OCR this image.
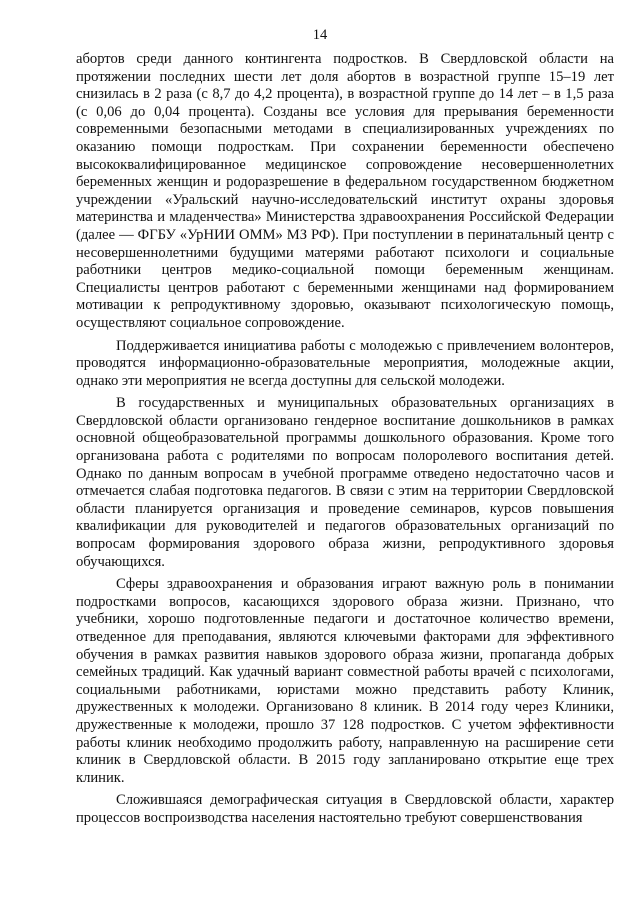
14

абортов среди данного контингента подростков. В Свердловской области на протяжении последних шести лет доля абортов в возрастной группе 15–19 лет снизилась в 2 раза (с 8,7 до 4,2 процента), в возрастной группе до 14 лет – в 1,5 раза (с 0,06 до 0,04 процента). Созданы все условия для прерывания беременности современными безопасными методами в специализированных учреждениях по оказанию помощи подросткам. При сохранении беременности обеспечено высококвалифицированное медицинское сопровождение несовершеннолетних беременных женщин и родоразрешение в федеральном государственном бюджетном учреждении «Уральский научно-исследовательский институт охраны здоровья материнства и младенчества» Министерства здравоохранения Российской Федерации (далее — ФГБУ «УрНИИ ОММ» МЗ РФ). При поступлении в перинатальный центр с несовершеннолетними будущими матерями работают психологи и социальные работники центров медико-социальной помощи беременным женщинам. Специалисты центров работают с беременными женщинами над формированием мотивации к репродуктивному здоровью, оказывают психологическую помощь, осуществляют социальное сопровождение.

Поддерживается инициатива работы с молодежью с привлечением волонтеров, проводятся информационно-образовательные мероприятия, молодежные акции, однако эти мероприятия не всегда доступны для сельской молодежи.

В государственных и муниципальных образовательных организациях в Свердловской области организовано гендерное воспитание дошкольников в рамках основной общеобразовательной программы дошкольного образования. Кроме того организована работа с родителями по вопросам полоролевого воспитания детей. Однако по данным вопросам в учебной программе отведено недостаточно часов и отмечается слабая подготовка педагогов. В связи с этим на территории Свердловской области планируется организация и проведение семинаров, курсов повышения квалификации для руководителей и педагогов образовательных организаций по вопросам формирования здорового образа жизни, репродуктивного здоровья обучающихся.

Сферы здравоохранения и образования играют важную роль в понимании подростками вопросов, касающихся здорового образа жизни. Признано, что учебники, хорошо подготовленные педагоги и достаточное количество времени, отведенное для преподавания, являются ключевыми факторами для эффективного обучения в рамках развития навыков здорового образа жизни, пропаганда добрых семейных традиций. Как удачный вариант совместной работы врачей с психологами, социальными работниками, юристами можно представить работу Клиник, дружественных к молодежи. Организовано 8 клиник. В 2014 году через Клиники, дружественные к молодежи, прошло 37 128 подростков. С учетом эффективности работы клиник необходимо продолжить работу, направленную на расширение сети клиник в Свердловской области. В 2015 году запланировано открытие еще трех клиник.

Сложившаяся демографическая ситуация в Свердловской области, характер процессов воспроизводства населения настоятельно требуют совершенствования
